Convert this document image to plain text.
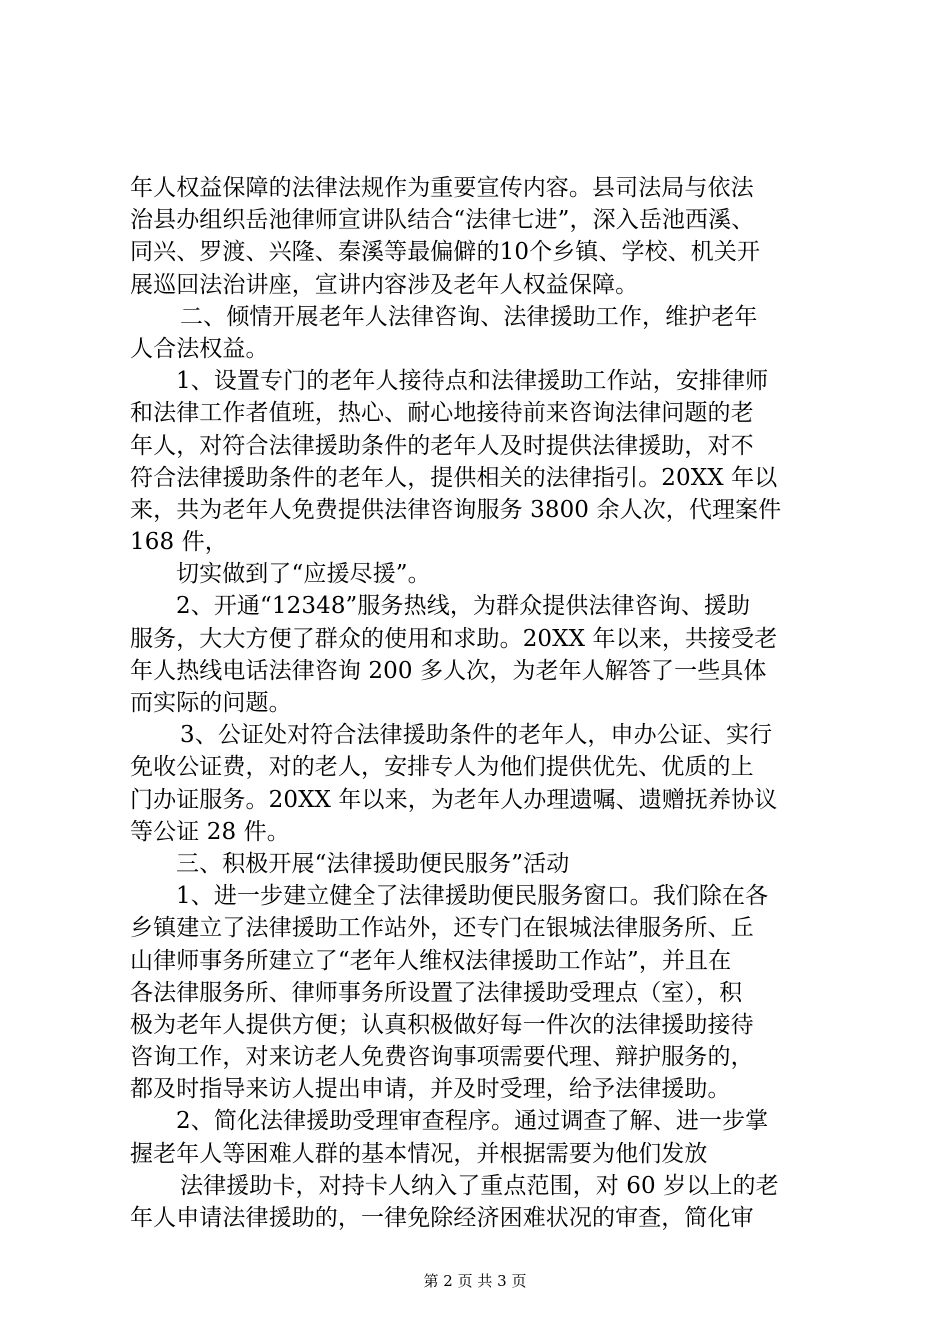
年人权益保障的法律法规作为重要宣传内容。县司法局与依法
治县办组织岳池律师宣讲队结合“法律七进”，深入岳池西溪、
同兴、罗渡、兴隆、秦溪等最偏僻的10个乡镇、学校、机关开
展巡回法治讲座，宣讲内容涉及老年人权益保障。
二、倾情开展老年人法律咨询、法律援助工作，维护老年
人合法权益。
1、设置专门的老年人接待点和法律援助工作站，安排律师
和法律工作者值班，热心、耐心地接待前来咨询法律问题的老
年人，对符合法律援助条件的老年人及时提供法律援助，对不
符合法律援助条件的老年人，提供相关的法律指引。20XX 年以
来，共为老年人免费提供法律咨询服务 3800 余人次，代理案件
168 件，
切实做到了“应援尽援”。
2、开通“12348”服务热线，为群众提供法律咨询、援助
服务，大大方便了群众的使用和求助。20XX 年以来，共接受老
年人热线电话法律咨询 200 多人次，为老年人解答了一些具体
而实际的问题。
3、公证处对符合法律援助条件的老年人，申办公证、实行
免收公证费，对的老人，安排专人为他们提供优先、优质的上
门办证服务。20XX 年以来，为老年人办理遗嘱、遗赠抚养协议
等公证 28 件。
三、积极开展“法律援助便民服务”活动
1、进一步建立健全了法律援助便民服务窗口。我们除在各
乡镇建立了法律援助工作站外，还专门在银城法律服务所、丘
山律师事务所建立了“老年人维权法律援助工作站”，并且在
各法律服务所、律师事务所设置了法律援助受理点（室），积
极为老年人提供方便；认真积极做好每一件次的法律援助接待
咨询工作，对来访老人免费咨询事项需要代理、辩护服务的，
都及时指导来访人提出申请，并及时受理，给予法律援助。
2、简化法律援助受理审查程序。通过调查了解、进一步掌
握老年人等困难人群的基本情况，并根据需要为他们发放
法律援助卡，对持卡人纳入了重点范围，对 60 岁以上的老
年人申请法律援助的，一律免除经济困难状况的审查，简化审
第 2 页 共 3 页
